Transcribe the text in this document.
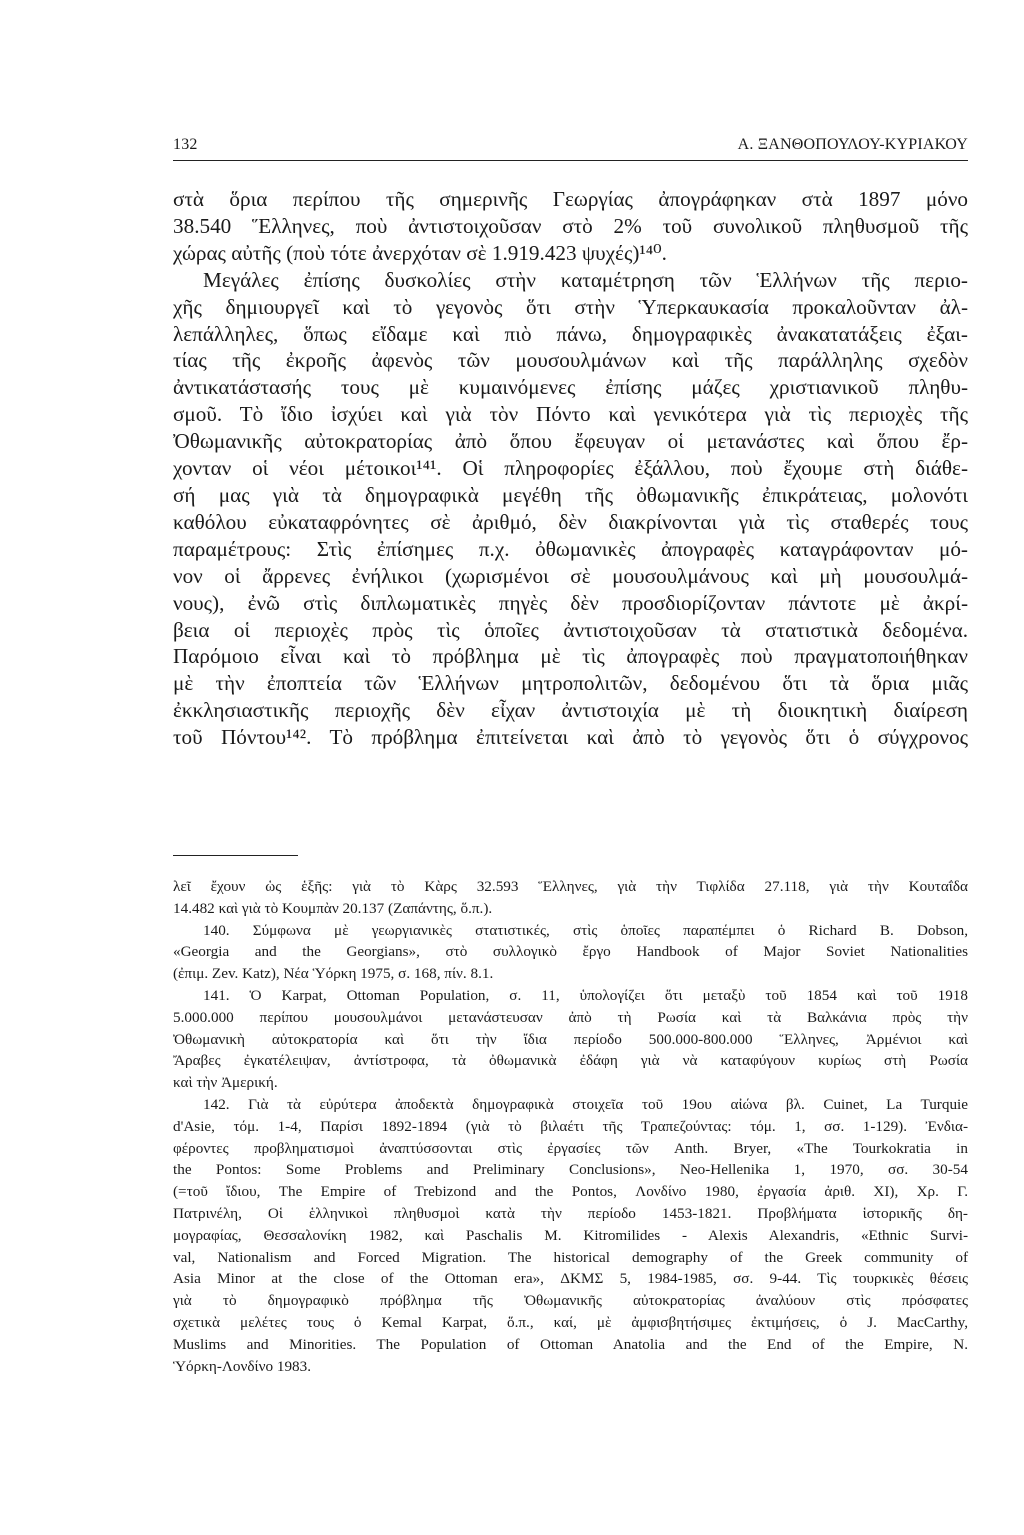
132	Α. ΞΑΝΘΟΠΟΥΛΟΥ-ΚΥΡΙΑΚΟΥ

στὰ ὅρια περίπου τῆς σημερινῆς Γεωργίας ἀπογράφηκαν στὰ 1897 μόνο

38.540 Ἕλληνες, ποὺ ἀντιστοιχοῦσαν στὸ 2% τοῦ συνολικοῦ πληθυσμοῦ τῆς

χώρας αὐτῆς (ποὺ τότε ἀνερχόταν σὲ 1.919.423 ψυχές)¹⁴⁰.

Μεγάλες ἐπίσης δυσκολίες στὴν καταμέτρηση τῶν Ἑλλήνων τῆς περιο-

χῆς δημιουργεῖ καὶ τὸ γεγονὸς ὅτι στὴν Ὑπερκαυκασία προκαλοῦνταν ἀλ-

λεπάλληλες, ὅπως εἴδαμε καὶ πιὸ πάνω, δημογραφικὲς ἀνακατατάξεις ἐξαι-

τίας τῆς ἐκροῆς ἀφενὸς τῶν μουσουλμάνων καὶ τῆς παράλληλης σχεδὸν

ἀντικατάστασής τους μὲ κυμαινόμενες ἐπίσης μάζες χριστιανικοῦ πληθυ-

σμοῦ. Τὸ ἴδιο ἰσχύει καὶ γιὰ τὸν Πόντο καὶ γενικότερα γιὰ τὶς περιοχὲς τῆς

Ὀθωμανικῆς αὐτοκρατορίας ἀπὸ ὅπου ἔφευγαν οἱ μετανάστες καὶ ὅπου ἔρ-

χονταν οἱ νέοι μέτοικοι¹⁴¹. Οἱ πληροφορίες ἐξάλλου, ποὺ ἔχουμε στὴ διάθε-

σή μας γιὰ τὰ δημογραφικὰ μεγέθη τῆς ὀθωμανικῆς ἐπικράτειας, μολονότι

καθόλου εὐκαταφρόνητες σὲ ἀριθμό, δὲν διακρίνονται γιὰ τὶς σταθερές τους

παραμέτρους: Στὶς ἐπίσημες π.χ. ὀθωμανικὲς ἀπογραφὲς καταγράφονταν μό-

νον οἱ ἄρρενες ἐνήλικοι (χωρισμένοι σὲ μουσουλμάνους καὶ μὴ μουσουλμά-

νους), ἐνῶ στὶς διπλωματικὲς πηγὲς δὲν προσδιορίζονταν πάντοτε μὲ ἀκρί-

βεια οἱ περιοχὲς πρὸς τὶς ὁποῖες ἀντιστοιχοῦσαν τὰ στατιστικὰ δεδομένα.

Παρόμοιο εἶναι καὶ τὸ πρόβλημα μὲ τὶς ἀπογραφὲς ποὺ πραγματοποιήθηκαν

μὲ τὴν ἐποπτεία τῶν Ἑλλήνων μητροπολιτῶν, δεδομένου ὅτι τὰ ὅρια μιᾶς

ἐκκλησιαστικῆς περιοχῆς δὲν εἶχαν ἀντιστοιχία μὲ τὴ διοικητικὴ διαίρεση

τοῦ Πόντου¹⁴². Τὸ πρόβλημα ἐπιτείνεται καὶ ἀπὸ τὸ γεγονὸς ὅτι ὁ σύγχρονος

λεῖ ἔχουν ὡς ἑξῆς: γιὰ τὸ Κὰρς 32.593 Ἕλληνες, γιὰ τὴν Τιφλίδα 27.118, γιὰ τὴν Κουταΐδα

14.482 καὶ γιὰ τὸ Κουμπὰν 20.137 (Ζαπάντης, ὅ.π.).

140. Σύμφωνα μὲ γεωργιανικὲς στατιστικές, στὶς ὁποῖες παραπέμπει ὁ Richard B. Dobson,

«Georgia and the Georgians», στὸ συλλογικὸ ἔργο Handbook of Major Soviet Nationalities

(ἐπιμ. Zev. Katz), Νέα Ὑόρκη 1975, σ. 168, πίν. 8.1.

141. Ὁ Karpat, Ottoman Population, σ. 11, ὑπολογίζει ὅτι μεταξὺ τοῦ 1854 καὶ τοῦ 1918

5.000.000 περίπου μουσουλμάνοι μετανάστευσαν ἀπὸ τὴ Ρωσία καὶ τὰ Βαλκάνια πρὸς τὴν

Ὀθωμανικὴ αὐτοκρατορία καὶ ὅτι τὴν ἴδια περίοδο 500.000-800.000 Ἕλληνες, Ἀρμένιοι καὶ

Ἄραβες ἐγκατέλειψαν, ἀντίστροφα, τὰ ὀθωμανικὰ ἐδάφη γιὰ νὰ καταφύγουν κυρίως στὴ Ρωσία

καὶ τὴν Ἀμερική.

142. Γιὰ τὰ εὐρύτερα ἀποδεκτὰ δημογραφικὰ στοιχεῖα τοῦ 19ου αἰώνα βλ. Cuinet, La Turquie

d'Asie, τόμ. 1-4, Παρίσι 1892-1894 (γιὰ τὸ βιλαέτι τῆς Τραπεζούντας: τόμ. 1, σσ. 1-129). Ἐνδια-

φέροντες προβληματισμοὶ ἀναπτύσσονται στὶς ἐργασίες τῶν Anth. Bryer, «The Tourkokratia in

the Pontos: Some Problems and Preliminary Conclusions», Neo-Hellenika 1, 1970, σσ. 30-54

(=τοῦ ἴδιου, The Empire of Trebizond and the Pontos, Λονδίνο 1980, ἐργασία ἀριθ. XI), Χρ. Γ.

Πατρινέλη, Οἱ ἑλληνικοὶ πληθυσμοὶ κατὰ τὴν περίοδο 1453-1821. Προβλήματα ἱστορικῆς δη-

μογραφίας, Θεσσαλονίκη 1982, καὶ Paschalis M. Kitromilides - Alexis Alexandris, «Ethnic Survi-

val, Nationalism and Forced Migration. The historical demography of the Greek community of

Asia Minor at the close of the Ottoman era», ΔΚΜΣ 5, 1984-1985, σσ. 9-44. Τὶς τουρκικὲς θέσεις

γιὰ τὸ δημογραφικὸ πρόβλημα τῆς Ὀθωμανικῆς αὐτοκρατορίας ἀναλύουν στὶς πρόσφατες

σχετικὰ μελέτες τους ὁ Kemal Karpat, ὅ.π., καί, μὲ ἀμφισβητήσιμες ἐκτιμήσεις, ὁ J. MacCarthy,

Muslims and Minorities. The Population of Ottoman Anatolia and the End of the Empire, Ν.

Ὑόρκη-Λονδίνο 1983.
